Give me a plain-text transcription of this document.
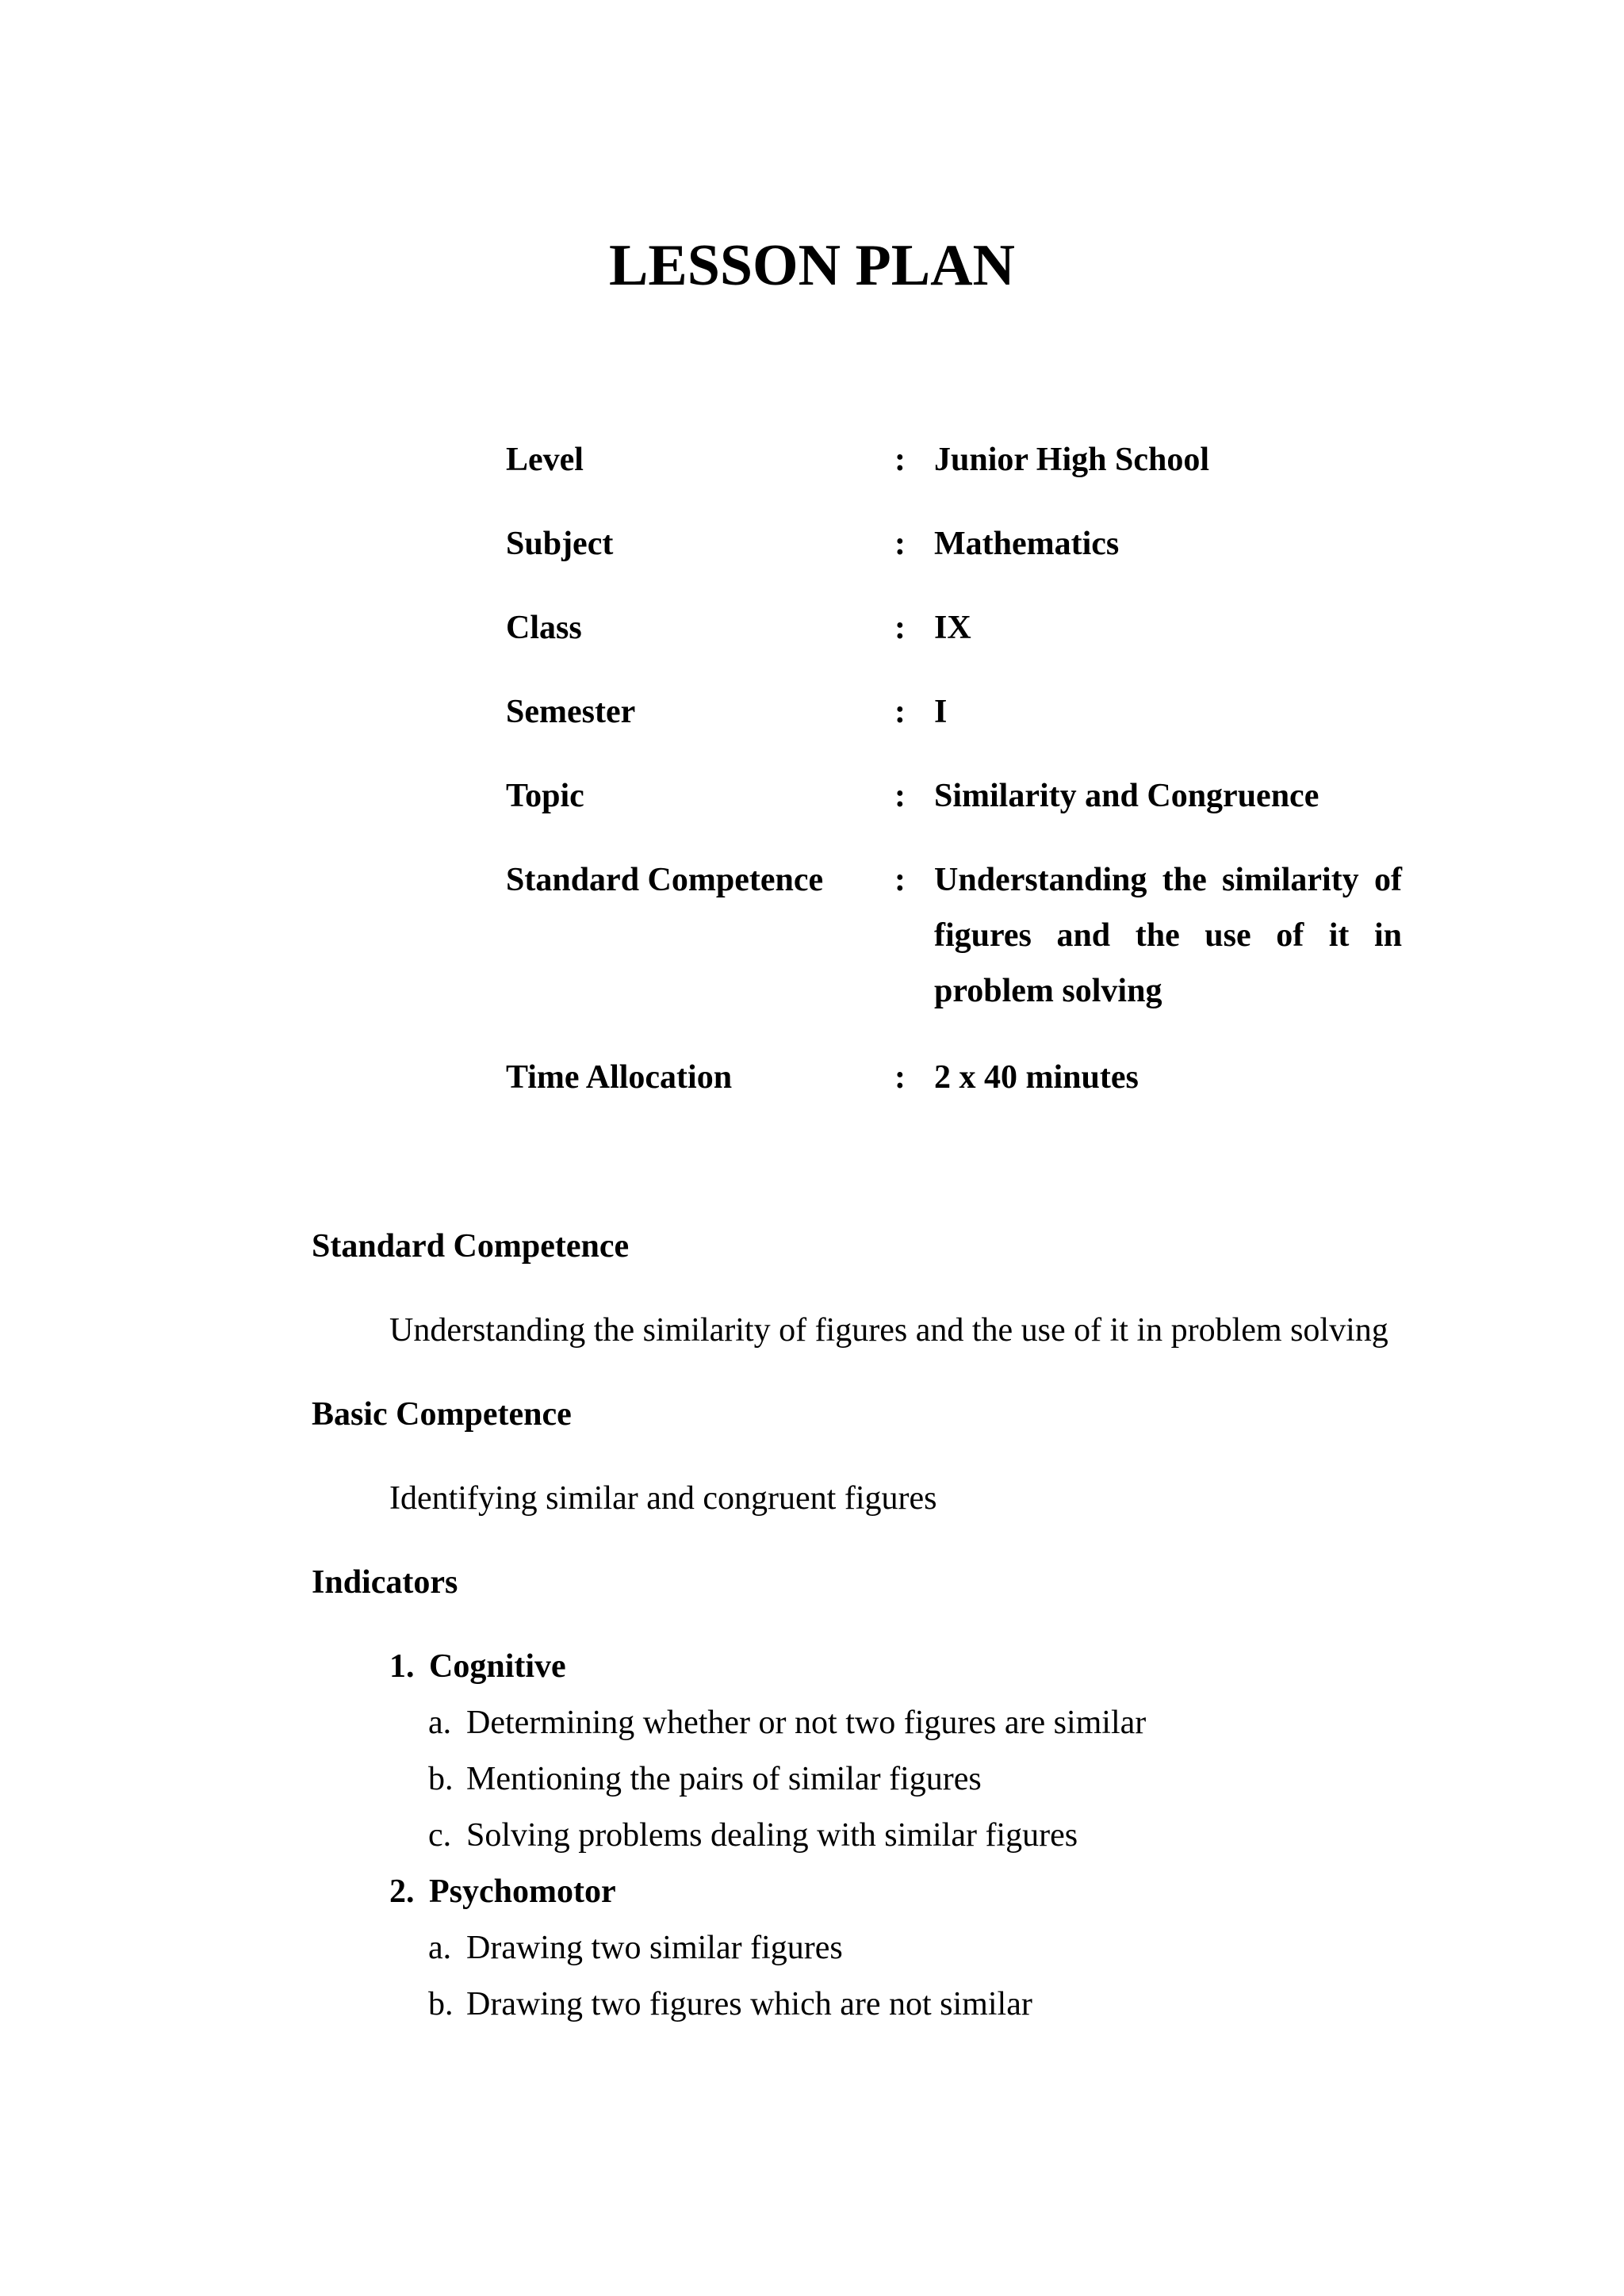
LESSON PLAN
Level	: Junior High School
Subject	: Mathematics
Class	: IX
Semester	: I
Topic	: Similarity and Congruence
Standard Competence : Understanding the similarity of figures and the use of it in problem solving
Time Allocation	: 2 x 40 minutes
Standard Competence
Understanding the similarity of figures and the use of it in problem solving
Basic Competence
Identifying similar and congruent figures
Indicators
1. Cognitive
a. Determining whether or not two figures are similar
b. Mentioning the pairs of similar figures
c. Solving problems dealing with similar figures
2. Psychomotor
a. Drawing two similar figures
b. Drawing two figures which are not similar
